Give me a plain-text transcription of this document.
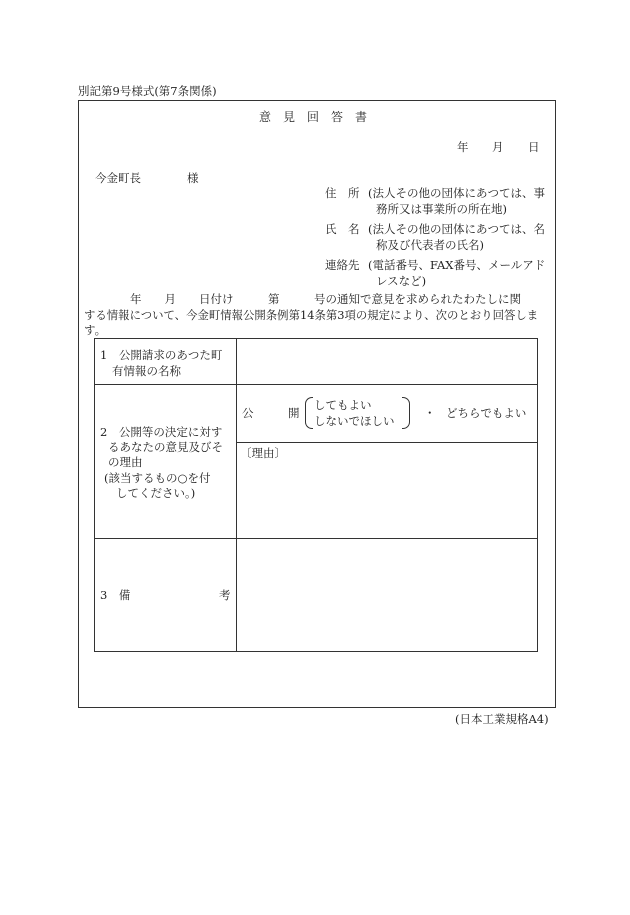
別記第9号様式(第7条関係)
意　見　回　答　書
年 月 日
今金町長　　　　様
住　所 (法人その他の団体にあつては、事
務所又は事業所の所在地)
氏　名 (法人その他の団体にあつては、名
称及び代表者の氏名)
連絡先 (電話番号、FAX番号、メールアド
レスなど)
　　　　年　　月　　日付け　　　第　　　号の通知で意見を求められたわたしに関
する情報について、今金町情報公開条例第14条第3項の規定により、次のとおり回答しま
す。
1　公開請求のあつた町
有情報の名称
2　公開等の決定に対す
るあなたの意見及びそ
の理由
(該当するもの○を付
してください。)
公　　　開
してもよい
しないでほしい
・ どちらでもよい
〔理由〕
3　備	考
(日本工業規格A4)
